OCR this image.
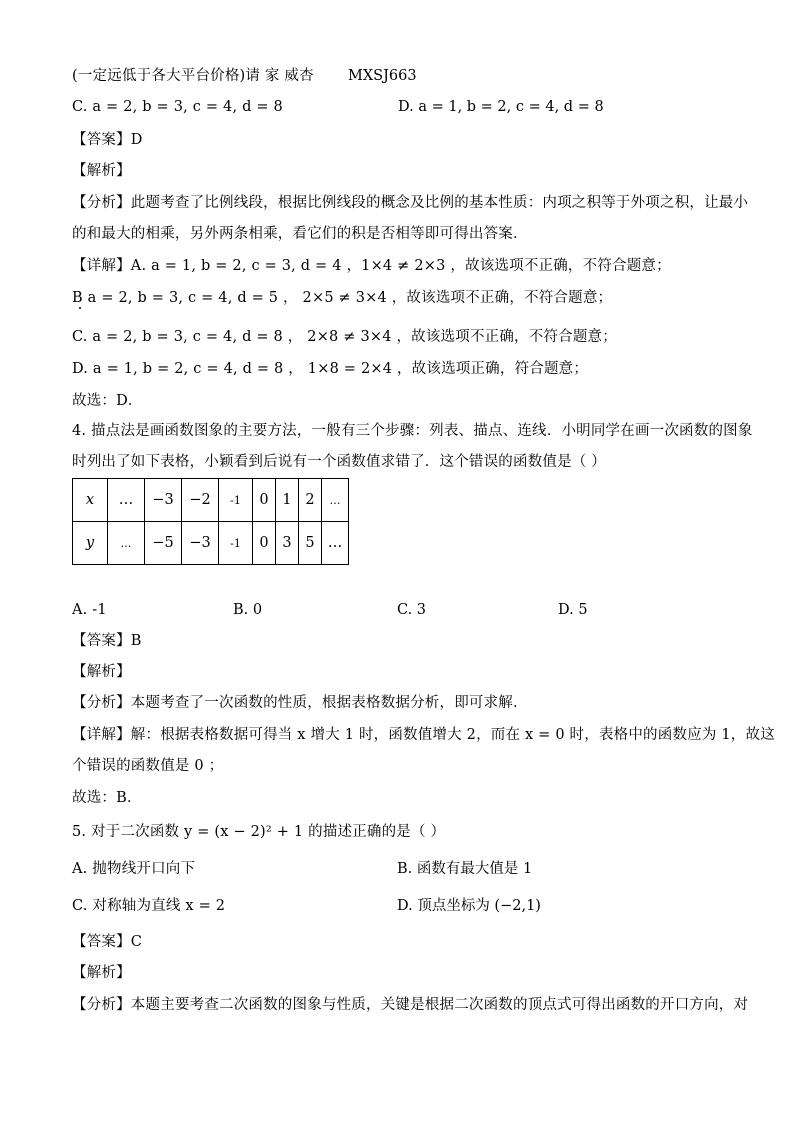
(一定远低于各大平台价格)请 家 威杏 MXSJ663
C. a = 2, b = 3, c = 4, d = 8	D. a = 1, b = 2, c = 4, d = 8
【答案】D
【解析】
【分析】此题考查了比例线段，根据比例线段的概念及比例的基本性质：内项之积等于外项之积，让最小
的和最大的相乘，另外两条相乘，看它们的积是否相等即可得出答案．
【详解】A. a = 1, b = 2, c = 3, d = 4 ，1×4 ≠ 2×3 ，故该选项不正确，不符合题意；
B a = 2, b = 3, c = 4, d = 5 ， 2×5 ≠ 3×4 ，故该选项不正确，不符合题意；
C. a = 2, b = 3, c = 4, d = 8 ， 2×8 ≠ 3×4 ，故该选项不正确，不符合题意；
D. a = 1, b = 2, c = 4, d = 8 ， 1×8 = 2×4 ，故该选项正确，符合题意；
故选：D．
4. 描点法是画函数图象的主要方法，一般有三个步骤：列表、描点、连线．小明同学在画一次函数的图象
时列出了如下表格，小颖看到后说有一个函数值求错了．这个错误的函数值是（ ）
x	…	−3	−2	-1	0	1	2	…
y	…	−5	−3	-1	0	3	5	…
A. -1	B. 0	C. 3	D. 5
【答案】B
【解析】
【分析】本题考查了一次函数的性质，根据表格数据分析，即可求解．
【详解】解：根据表格数据可得当 x 增大 1 时，函数值增大 2，而在 x = 0 时，表格中的函数应为 1，故这
个错误的函数值是 0 ；
故选：B．
5. 对于二次函数 y = (x − 2)² + 1 的描述正确的是（ ）
A. 抛物线开口向下	B. 函数有最大值是 1
C. 对称轴为直线 x = 2	D. 顶点坐标为 (−2,1)
【答案】C
【解析】
【分析】本题主要考查二次函数的图象与性质，关键是根据二次函数的顶点式可得出函数的开口方向，对
